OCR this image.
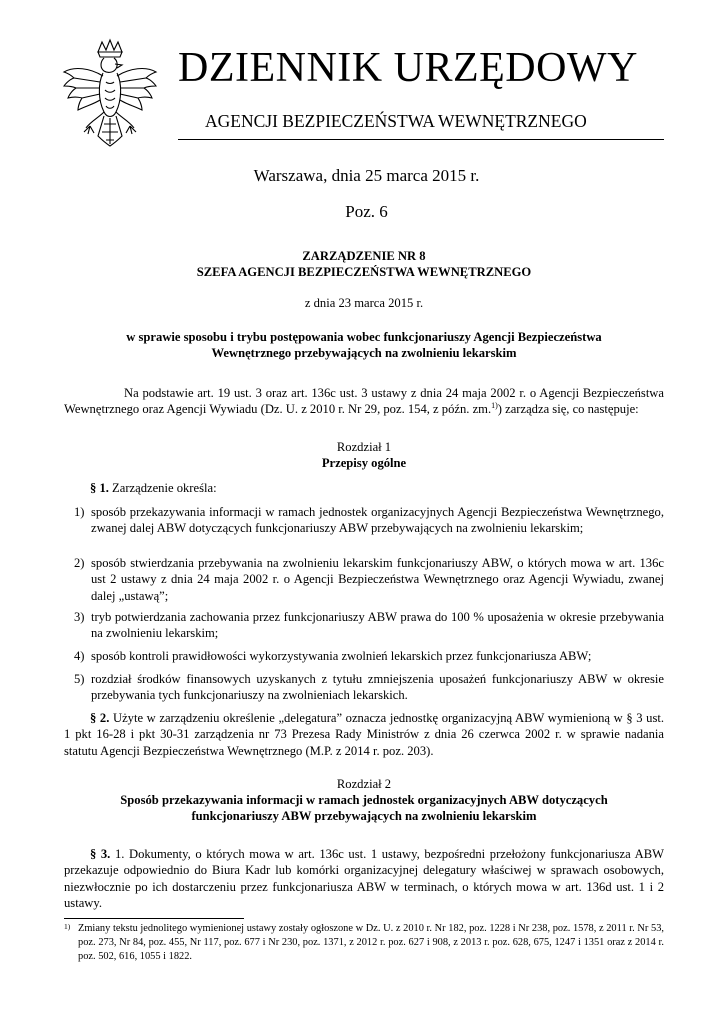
DZIENNIK URZĘDOWY
AGENCJI BEZPIECZEŃSTWA WEWNĘTRZNEGO
Warszawa, dnia 25 marca 2015 r.
Poz. 6
ZARZĄDZENIE NR 8
SZEFA AGENCJI BEZPIECZEŃSTWA WEWNĘTRZNEGO
z dnia 23 marca 2015 r.
w sprawie sposobu i trybu postępowania wobec funkcjonariuszy Agencji Bezpieczeństwa
Wewnętrznego przebywających na zwolnieniu lekarskim
Na podstawie art. 19 ust. 3 oraz art. 136c ust. 3 ustawy z dnia 24 maja 2002 r. o Agencji Bezpieczeństwa Wewnętrznego oraz Agencji Wywiadu (Dz. U. z 2010 r. Nr 29, poz. 154, z późn. zm.$^{1)}$) zarządza się, co następuje:
Rozdział 1
Przepisy ogólne
§ 1. Zarządzenie określa:
1) sposób przekazywania informacji w ramach jednostek organizacyjnych Agencji Bezpieczeństwa Wewnętrznego, zwanej dalej ABW dotyczących funkcjonariuszy ABW przebywających na zwolnieniu lekarskim;
2) sposób stwierdzania przebywania na zwolnieniu lekarskim funkcjonariuszy ABW, o których mowa w art. 136c ust 2 ustawy z dnia 24 maja 2002 r. o Agencji Bezpieczeństwa Wewnętrznego oraz Agencji Wywiadu, zwanej dalej „ustawą”;
3) tryb potwierdzania zachowania przez funkcjonariuszy ABW prawa do 100 % uposażenia w okresie przebywania na zwolnieniu lekarskim;
4) sposób kontroli prawidłowości wykorzystywania zwolnień lekarskich przez funkcjonariusza ABW;
5) rozdział środków finansowych uzyskanych z tytułu zmniejszenia uposażeń funkcjonariuszy ABW w okresie przebywania tych funkcjonariuszy na zwolnieniach lekarskich.
§ 2. Użyte w zarządzeniu określenie „delegatura” oznacza jednostkę organizacyjną ABW wymienioną w § 3 ust. 1 pkt 16-28 i pkt 30-31 zarządzenia nr 73 Prezesa Rady Ministrów z dnia 26 czerwca 2002 r. w sprawie nadania statutu Agencji Bezpieczeństwa Wewnętrznego (M.P. z 2014 r. poz. 203).
Rozdział 2
Sposób przekazywania informacji w ramach jednostek organizacyjnych ABW dotyczących
funkcjonariuszy ABW przebywających na zwolnieniu lekarskim
§ 3. 1. Dokumenty, o których mowa w art. 136c ust. 1 ustawy, bezpośredni przełożony funkcjonariusza ABW przekazuje odpowiednio do Biura Kadr lub komórki organizacyjnej delegatury właściwej w sprawach osobowych, niezwłocznie po ich dostarczeniu przez funkcjonariusza ABW w terminach, o których mowa w art. 136d ust. 1 i 2 ustawy.
1) Zmiany tekstu jednolitego wymienionej ustawy zostały ogłoszone w Dz. U. z 2010 r. Nr 182, poz. 1228 i Nr 238, poz. 1578, z 2011 r. Nr 53, poz. 273, Nr 84, poz. 455, Nr 117, poz. 677 i Nr 230, poz. 1371, z 2012 r. poz. 627 i 908, z 2013 r. poz. 628, 675, 1247 i 1351 oraz z 2014 r. poz. 502, 616, 1055 i 1822.
